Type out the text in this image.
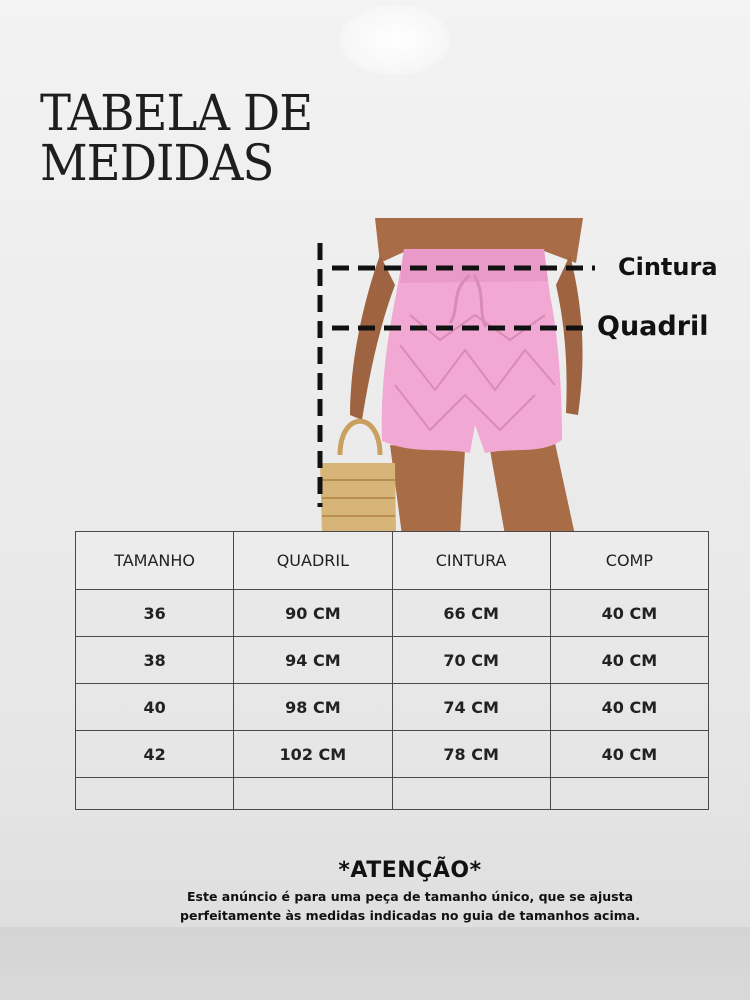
TABELA DE
MEDIDAS
Cintura
Quadril
TAMANHO	QUADRIL	CINTURA	COMP
36	90 CM	66 CM	40 CM
38	94 CM	70 CM	40 CM
40	98 CM	74 CM	40 CM
42	102 CM	78 CM	40 CM

*ATENÇÃO*

Este anúncio é para uma peça de tamanho único, que se ajusta
perfeitamente às medidas indicadas no guia de tamanhos acima.
